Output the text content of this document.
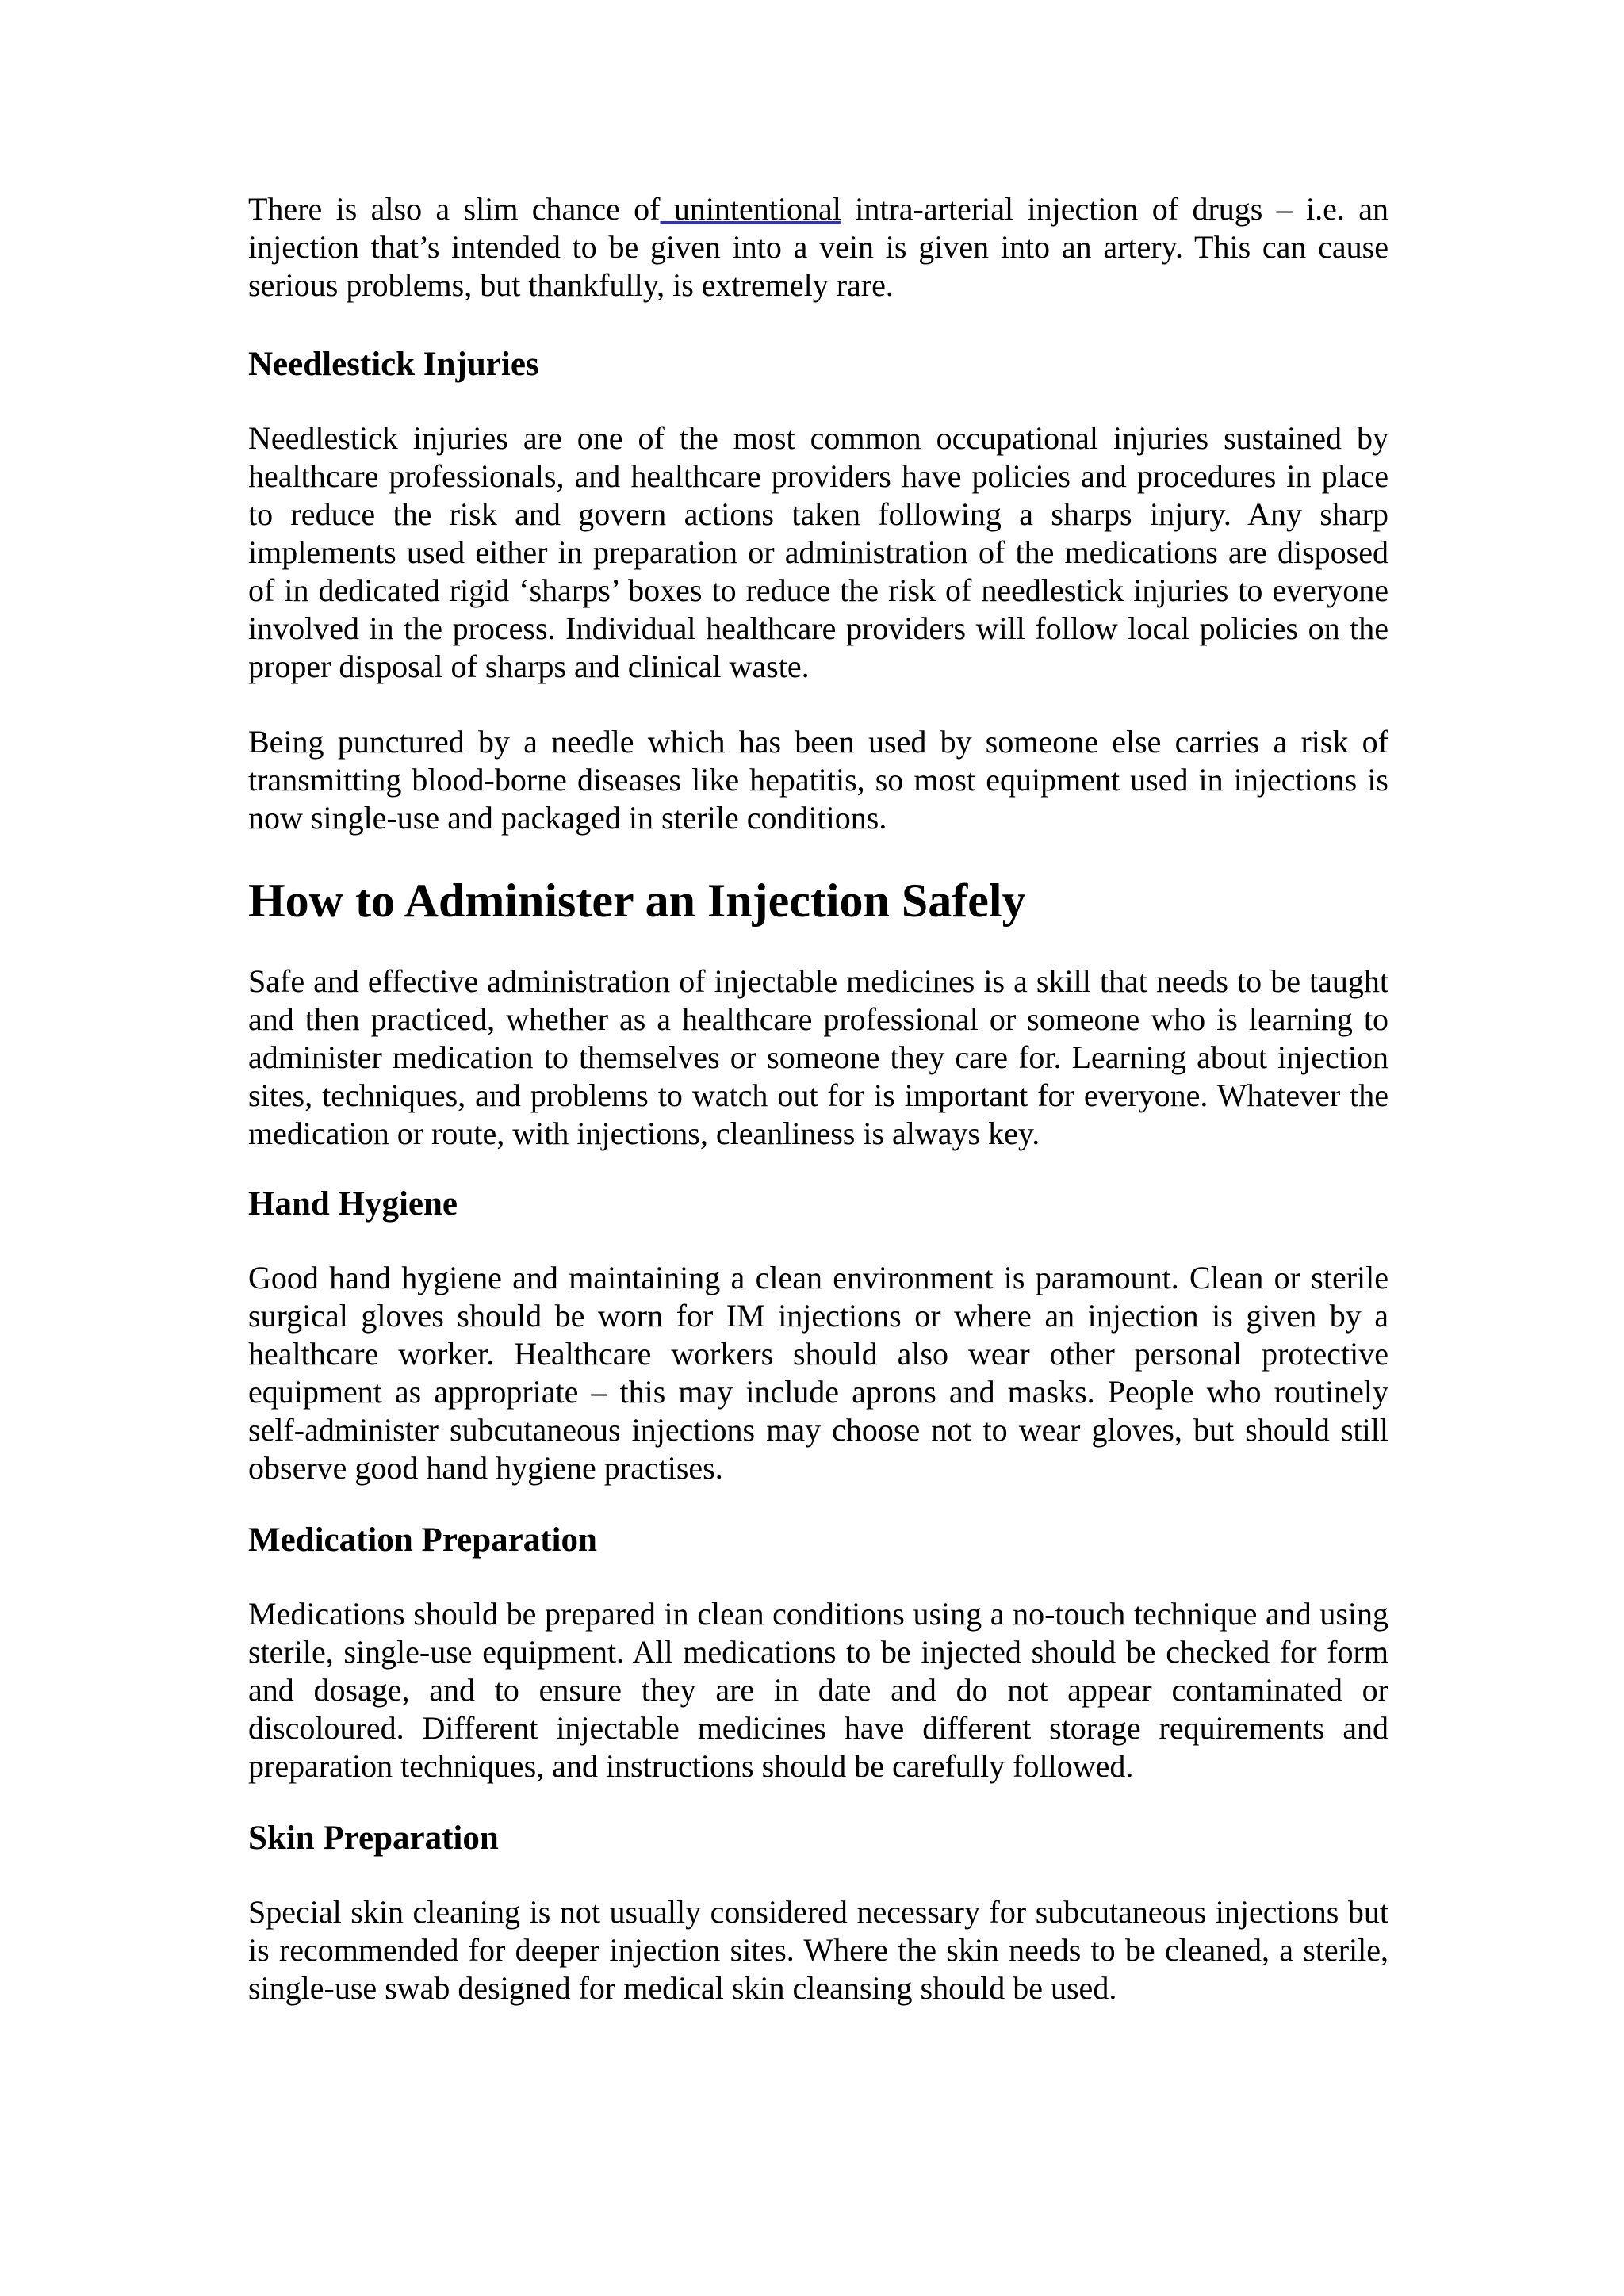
There is also a slim chance of unintentional intra-arterial injection of drugs – i.e. an injection that’s intended to be given into a vein is given into an artery. This can cause serious problems, but thankfully, is extremely rare.

Needlestick Injuries

Needlestick injuries are one of the most common occupational injuries sustained by healthcare professionals, and healthcare providers have policies and procedures in place to reduce the risk and govern actions taken following a sharps injury. Any sharp implements used either in preparation or administration of the medications are disposed of in dedicated rigid ‘sharps’ boxes to reduce the risk of needlestick injuries to everyone involved in the process. Individual healthcare providers will follow local policies on the proper disposal of sharps and clinical waste.

Being punctured by a needle which has been used by someone else carries a risk of transmitting blood-borne diseases like hepatitis, so most equipment used in injections is now single-use and packaged in sterile conditions.

How to Administer an Injection Safely

Safe and effective administration of injectable medicines is a skill that needs to be taught and then practiced, whether as a healthcare professional or someone who is learning to administer medication to themselves or someone they care for. Learning about injection sites, techniques, and problems to watch out for is important for everyone. Whatever the medication or route, with injections, cleanliness is always key.

Hand Hygiene

Good hand hygiene and maintaining a clean environment is paramount. Clean or sterile surgical gloves should be worn for IM injections or where an injection is given by a healthcare worker. Healthcare workers should also wear other personal protective equipment as appropriate – this may include aprons and masks. People who routinely self-administer subcutaneous injections may choose not to wear gloves, but should still observe good hand hygiene practises.

Medication Preparation

Medications should be prepared in clean conditions using a no-touch technique and using sterile, single-use equipment. All medications to be injected should be checked for form and dosage, and to ensure they are in date and do not appear contaminated or discoloured. Different injectable medicines have different storage requirements and preparation techniques, and instructions should be carefully followed.

Skin Preparation

Special skin cleaning is not usually considered necessary for subcutaneous injections but is recommended for deeper injection sites. Where the skin needs to be cleaned, a sterile, single-use swab designed for medical skin cleansing should be used.
